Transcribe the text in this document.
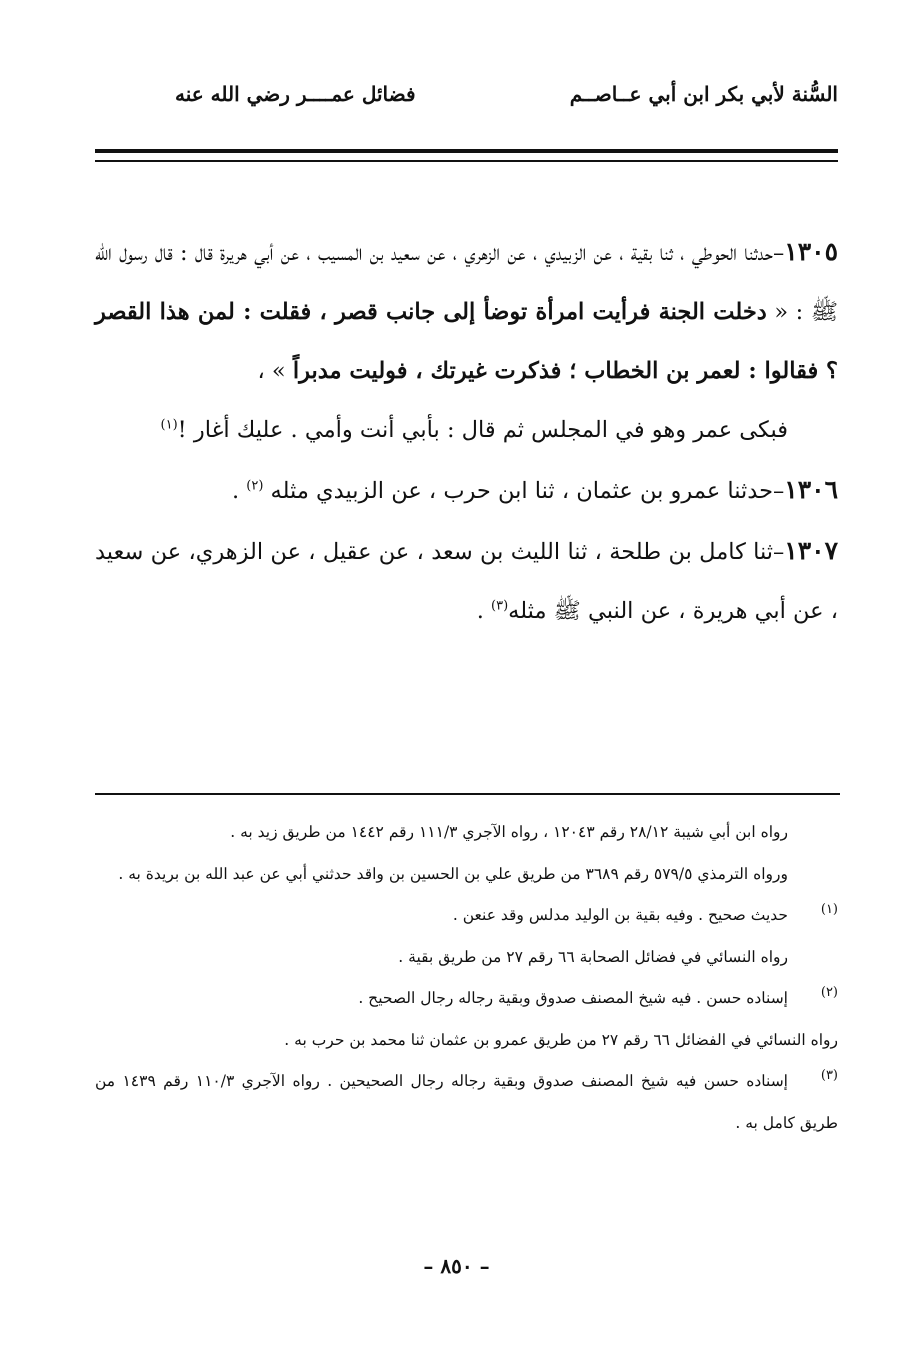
السُّنة لأبي بكر ابن أبي عــاصــم
فضائل عمــــر رضي الله عنه

١٣٠٥–حدثنا الحوطي ، ثنا بقية ، عن الزبيدي ، عن الزهري ، عن سعيد بن المسيب ، عن أبي هريرة قال : قال رسول الله ﷺ : « دخلت الجنة فرأيت امرأة توضأ إلى جانب قصر ، فقلت : لمن هذا القصر ؟ فقالوا : لعمر بن الخطاب ؛ فذكرت غيرتك ، فوليت مدبراً » ،

فبكى عمر وهو في المجلس ثم قال : بأبي أنت وأمي . عليك أغار !$^{(١)}$

١٣٠٦–حدثنا عمرو بن عثمان ، ثنا ابن حرب ، عن الزبيدي مثله $^{(٢)}$ .

١٣٠٧–ثنا كامل بن طلحة ، ثنا الليث بن سعد ، عن عقيل ، عن الزهري، عن سعيد ، عن أبي هريرة ، عن النبي ﷺ مثله$^{(٣)}$ .

رواه ابن أبي شيبة ٢٨/١٢ رقم ١٢٠٤٣ ، رواه الآجري ١١١/٣ رقم ١٤٤٢ من طريق زيد به .

ورواه الترمذي ٥٧٩/٥ رقم ٣٦٨٩ من طريق علي بن الحسين بن واقد حدثني أبي عن عبد الله بن بريدة به .

(١)حديث صحيح . وفيه بقية بن الوليد مدلس وقد عنعن .

رواه النسائي في فضائل الصحابة ٦٦ رقم ٢٧ من طريق بقية .

(٢)إسناده حسن . فيه شيخ المصنف صدوق وبقية رجاله رجال الصحيح .

رواه النسائي في الفضائل ٦٦ رقم ٢٧ من طريق عمرو بن عثمان ثنا محمد بن حرب به .

(٣)إسناده حسن فيه شيخ المصنف صدوق وبقية رجاله رجال الصحيحين . رواه الآجري ١١٠/٣ رقم ١٤٣٩ من طريق كامل به .

– ٨٥٠ –
